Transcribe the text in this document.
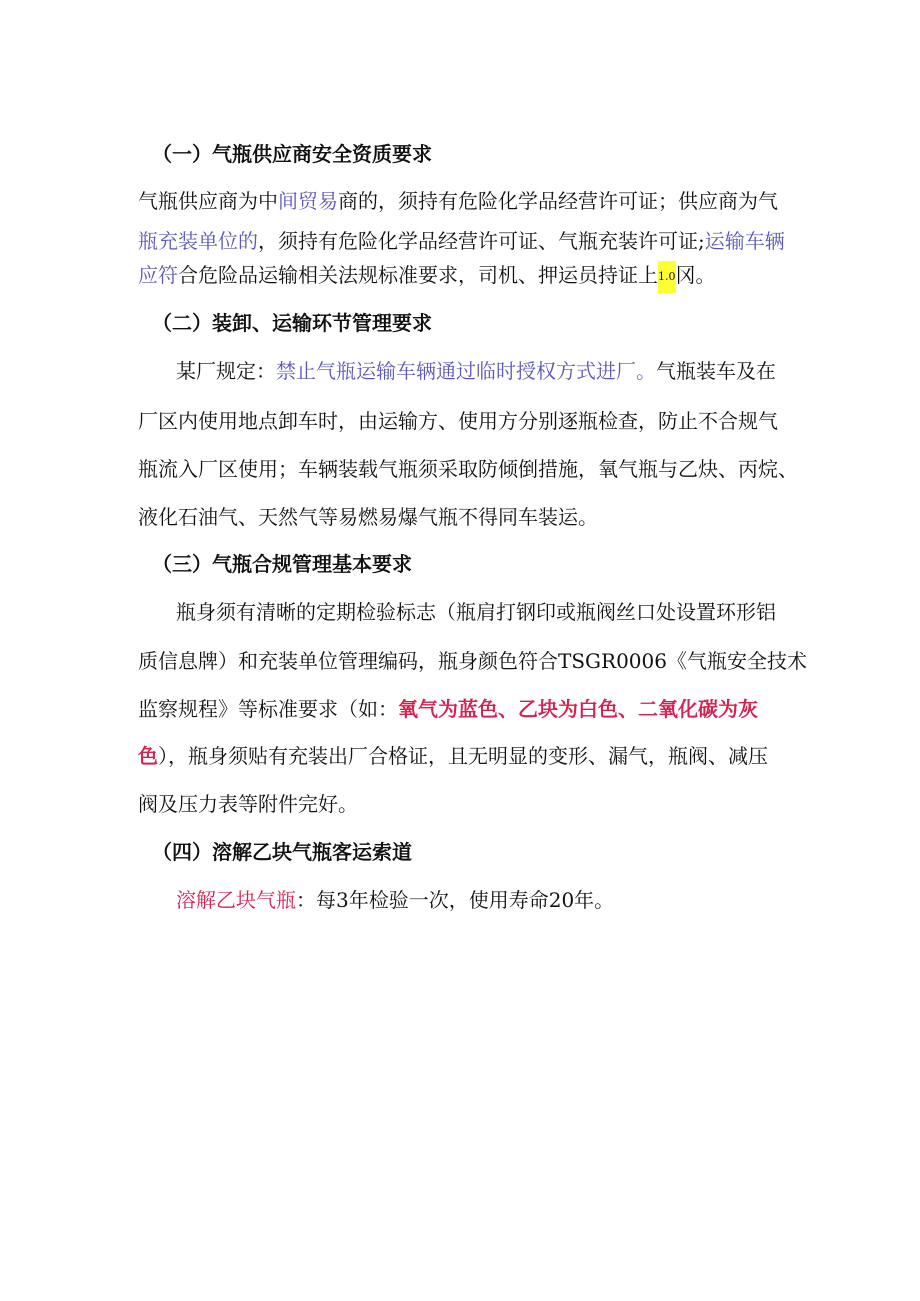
（一）气瓶供应商安全资质要求
气瓶供应商为中间贸易商的，须持有危险化学品经营许可证；供应商为气
瓶充装单位的，须持有危险化学品经营许可证、气瓶充装许可证;运输车辆
应符合危险品运输相关法规标准要求，司机、押运员持证上1.0冈。
（二）装卸、运输环节管理要求
某厂规定：禁止气瓶运输车辆通过临时授权方式进厂。气瓶装车及在
厂区内使用地点卸车时，由运输方、使用方分别逐瓶检查，防止不合规气
瓶流入厂区使用；车辆装载气瓶须采取防倾倒措施，氧气瓶与乙炔、丙烷、
液化石油气、天然气等易燃易爆气瓶不得同车装运。
（三）气瓶合规管理基本要求
瓶身须有清晰的定期检验标志（瓶肩打钢印或瓶阀丝口处设置环形铝
质信息牌）和充装单位管理编码，瓶身颜色符合TSGR0006《气瓶安全技术
监察规程》等标准要求（如：氧气为蓝色、乙块为白色、二氧化碳为灰
色），瓶身须贴有充装出厂合格证，且无明显的变形、漏气，瓶阀、减压
阀及压力表等附件完好。
（四）溶解乙块气瓶客运索道
溶解乙块气瓶：每3年检验一次，使用寿命20年。
